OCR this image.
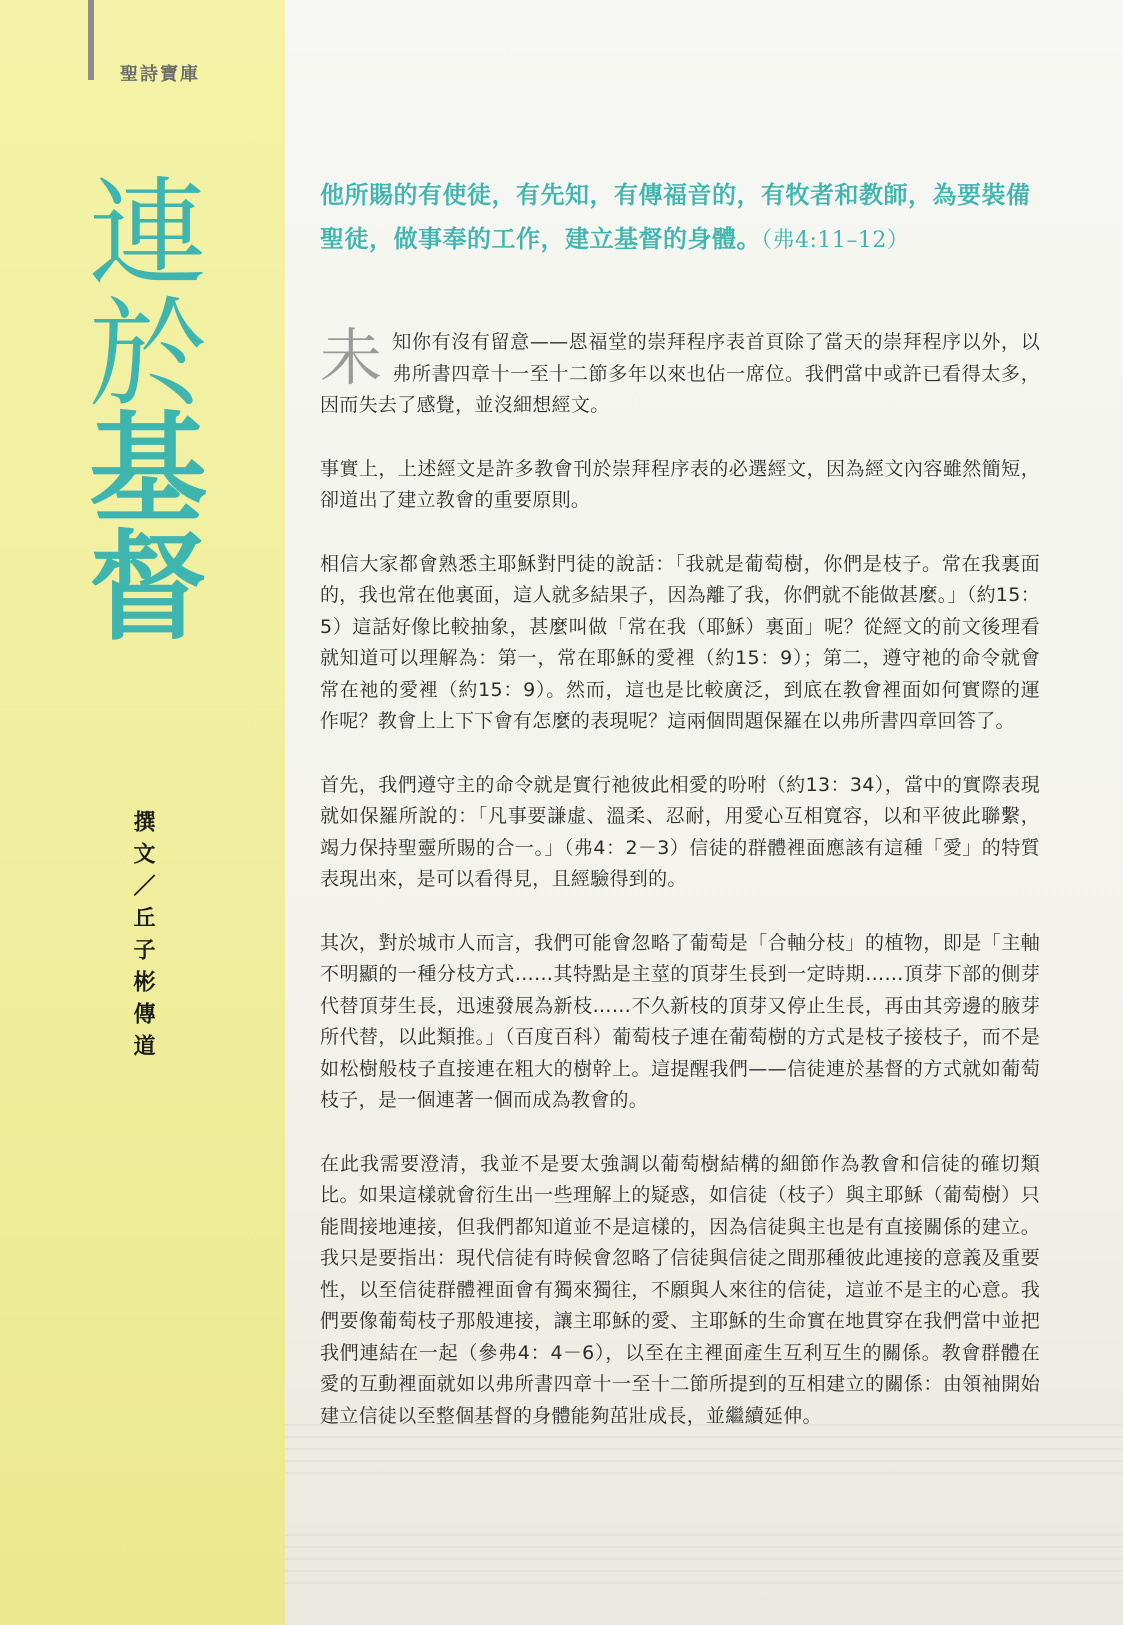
聖詩寶庫
連
於
基
督
撰文／丘子彬傳道
他所賜的有使徒，有先知，有傳福音的，有牧者和教師，為要裝備聖徒，做事奉的工作，建立基督的身體。（弗4:11–12）

未知你有沒有留意——恩福堂的崇拜程序表首頁除了當天的崇拜程序以外，以弗所書四章十一至十二節多年以來也佔一席位。我們當中或許已看得太多，因而失去了感覺，並沒細想經文。

事實上，上述經文是許多教會刊於崇拜程序表的必選經文，因為經文內容雖然簡短，卻道出了建立教會的重要原則。

相信大家都會熟悉主耶穌對門徒的說話：「我就是葡萄樹，你們是枝子。常在我裏面的，我也常在他裏面，這人就多結果子，因為離了我，你們就不能做甚麼。」（約15：5）這話好像比較抽象，甚麼叫做「常在我（耶穌）裏面」呢？從經文的前文後理看就知道可以理解為：第一，常在耶穌的愛裡（約15：9）；第二，遵守祂的命令就會常在祂的愛裡（約15：9）。然而，這也是比較廣泛，到底在教會裡面如何實際的運作呢？教會上上下下會有怎麼的表現呢？這兩個問題保羅在以弗所書四章回答了。

首先，我們遵守主的命令就是實行祂彼此相愛的吩咐（約13：34），當中的實際表現就如保羅所說的：「凡事要謙虛、溫柔、忍耐，用愛心互相寬容，以和平彼此聯繫，竭力保持聖靈所賜的合一。」（弗4：2－3）信徒的群體裡面應該有這種「愛」的特質表現出來，是可以看得見，且經驗得到的。

其次，對於城市人而言，我們可能會忽略了葡萄是「合軸分枝」的植物，即是「主軸不明顯的一種分枝方式……其特點是主莖的頂芽生長到一定時期……頂芽下部的側芽代替頂芽生長，迅速發展為新枝……不久新枝的頂芽又停止生長，再由其旁邊的腋芽所代替，以此類推。」（百度百科）葡萄枝子連在葡萄樹的方式是枝子接枝子，而不是如松樹般枝子直接連在粗大的樹幹上。這提醒我們——信徒連於基督的方式就如葡萄枝子，是一個連著一個而成為教會的。

在此我需要澄清，我並不是要太強調以葡萄樹結構的細節作為教會和信徒的確切類比。如果這樣就會衍生出一些理解上的疑惑，如信徒（枝子）與主耶穌（葡萄樹）只能間接地連接，但我們都知道並不是這樣的，因為信徒與主也是有直接關係的建立。我只是要指出：現代信徒有時候會忽略了信徒與信徒之間那種彼此連接的意義及重要性，以至信徒群體裡面會有獨來獨往，不願與人來往的信徒，這並不是主的心意。我們要像葡萄枝子那般連接，讓主耶穌的愛、主耶穌的生命實在地貫穿在我們當中並把我們連結在一起（參弗4：4－6），以至在主裡面產生互利互生的關係。教會群體在愛的互動裡面就如以弗所書四章十一至十二節所提到的互相建立的關係：由領袖開始建立信徒以至整個基督的身體能夠茁壯成長，並繼續延伸。
